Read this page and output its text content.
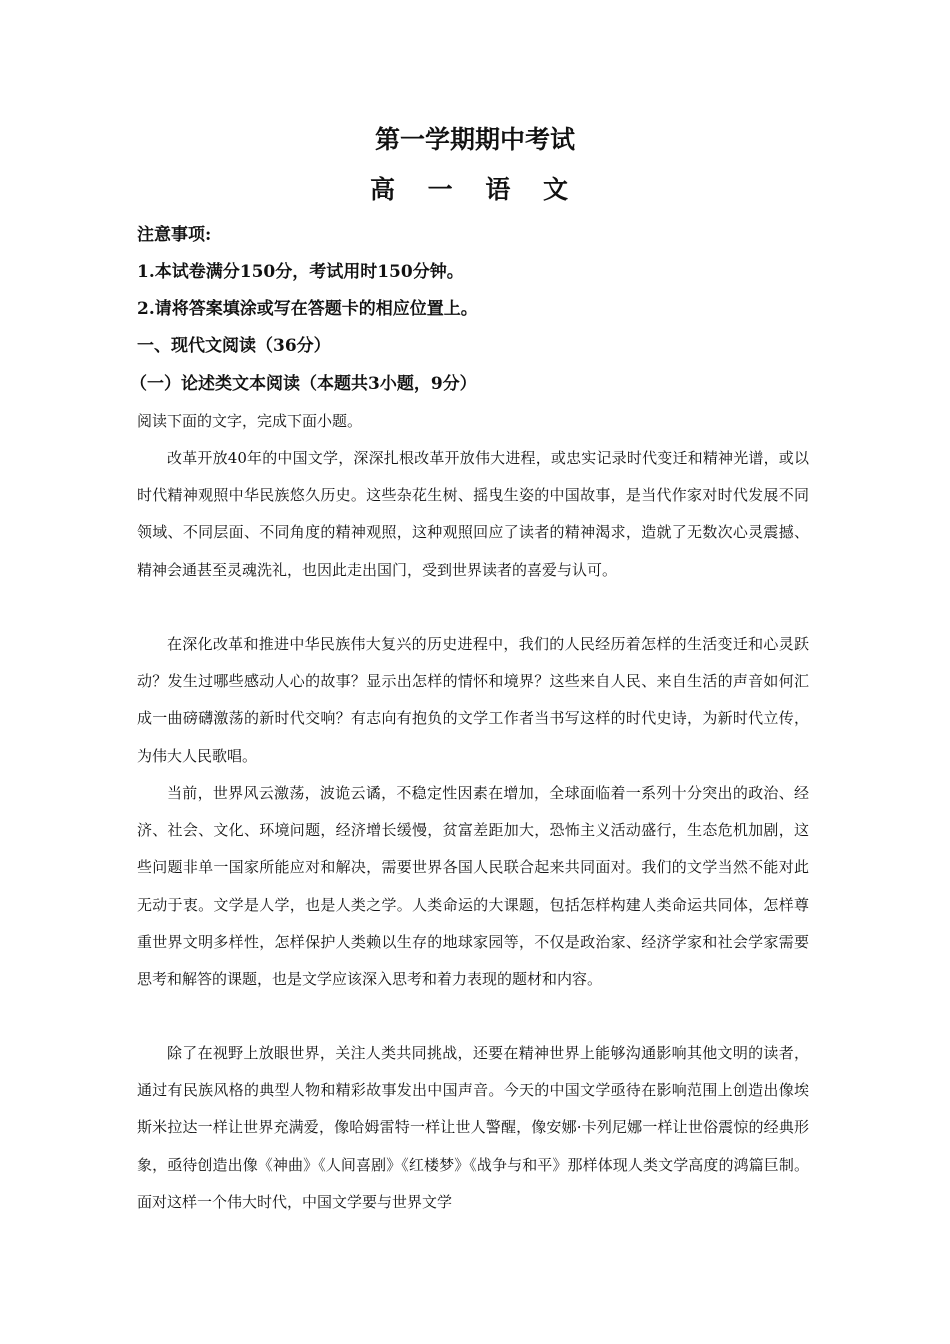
第一学期期中考试
高 一 语 文
注意事项:
1.本试卷满分150分，考试用时150分钟。
2.请将答案填涂或写在答题卡的相应位置上。
一、现代文阅读（36分）
（一）论述类文本阅读（本题共3小题，9分）
阅读下面的文字，完成下面小题。

改革开放40年的中国文学，深深扎根改革开放伟大进程，或忠实记录时代变迁和精神光谱，或以时代精神观照中华民族悠久历史。这些杂花生树、摇曳生姿的中国故事，是当代作家对时代发展不同领域、不同层面、不同角度的精神观照，这种观照回应了读者的精神渴求，造就了无数次心灵震撼、精神会通甚至灵魂洗礼，也因此走出国门，受到世界读者的喜爱与认可。

在深化改革和推进中华民族伟大复兴的历史进程中，我们的人民经历着怎样的生活变迁和心灵跃动？发生过哪些感动人心的故事？显示出怎样的情怀和境界？这些来自人民、来自生活的声音如何汇成一曲磅礴激荡的新时代交响？有志向有抱负的文学工作者当书写这样的时代史诗，为新时代立传，为伟大人民歌唱。

当前，世界风云激荡，波诡云谲，不稳定性因素在增加，全球面临着一系列十分突出的政治、经济、社会、文化、环境问题，经济增长缓慢，贫富差距加大，恐怖主义活动盛行，生态危机加剧，这些问题非单一国家所能应对和解决，需要世界各国人民联合起来共同面对。我们的文学当然不能对此无动于衷。文学是人学，也是人类之学。人类命运的大课题，包括怎样构建人类命运共同体，怎样尊重世界文明多样性，怎样保护人类赖以生存的地球家园等，不仅是政治家、经济学家和社会学家需要思考和解答的课题，也是文学应该深入思考和着力表现的题材和内容。

除了在视野上放眼世界，关注人类共同挑战，还要在精神世界上能够沟通影响其他文明的读者，通过有民族风格的典型人物和精彩故事发出中国声音。今天的中国文学亟待在影响范围上创造出像埃斯米拉达一样让世界充满爱，像哈姆雷特一样让世人警醒，像安娜·卡列尼娜一样让世俗震惊的经典形象，亟待创造出像《神曲》《人间喜剧》《红楼梦》《战争与和平》那样体现人类文学高度的鸿篇巨制。面对这样一个伟大时代，中国文学要与世界文学
